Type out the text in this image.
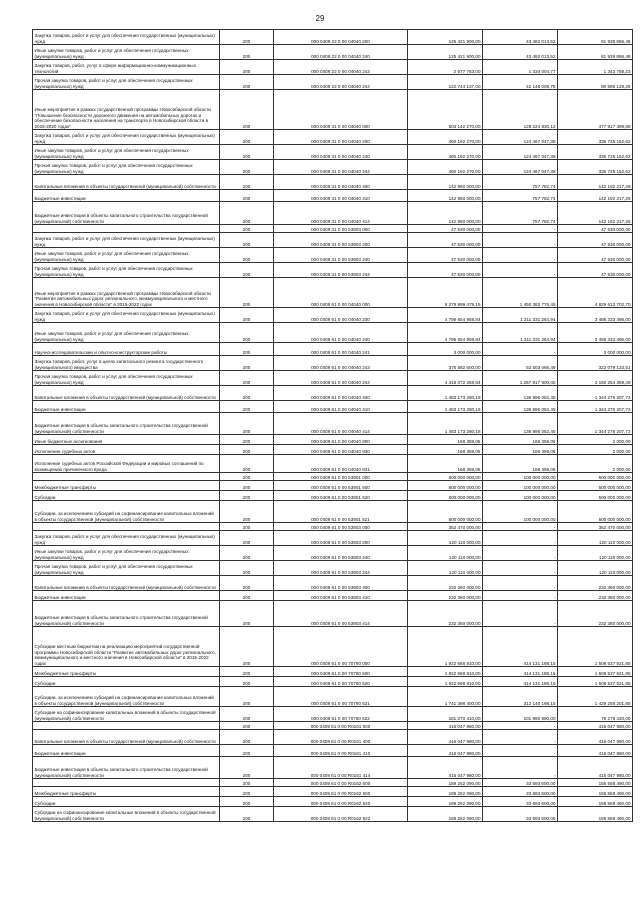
29
Закупка товаров, работ и услуг для обеспечения государственных (муниципальных) нужд	200	000 0409 22 0 00 04040 200	125 421 900,00	43 482 013,52	81 939 886,48
Иные закупки товаров, работ и услуг для обеспечения государственных (муниципальных) нужд	200	000 0409 22 0 00 04040 240	125 421 900,00	43 482 013,52	81 939 886,48
Закупка товаров, работ, услуг в сфере информационно-коммуникационных технологий	200	000 0409 22 0 00 04040 242	2 677 763,00	1 334 004,77	1 343 758,23
Прочая закупка товаров, работ и услуг для обеспечения государственных (муниципальных) нужд	200	000 0409 22 0 00 04040 244	122 744 137,00	42 148 008,75	80 596 128,25
Иные мероприятия в рамках государственной программы Новосибирской области "Повышение безопасности дорожного движения на автомобильных дорогах и обеспечение безопасности населения на транспорте в Новосибирской области в 2015-2020 годах"	200	000 0409 31 0 00 04040 000	503 142 270,00	125 224 830,12	477 917 399,88
Закупка товаров, работ и услуг для обеспечения государственных (муниципальных) нужд	200	000 0409 31 0 00 04040 200	460 192 270,00	124 467 047,38	335 725 152,62
Иные закупки товаров, работ и услуг для обеспечения государственных (муниципальных) нужд	200	000 0409 31 0 00 04040 240	460 192 270,00	124 467 047,38	335 725 152,62
Прочая закупка товаров, работ и услуг для обеспечения государственных (муниципальных) нужд	200	000 0409 31 0 00 04040 244	460 192 270,00	124 467 047,38	335 725 152,62
Капитальные вложения в объекты государственной (муниципальной) собственности	200	000 0409 31 0 00 04040 400	142 950 000,00	757 782,74	142 192 217,26
Бюджетные инвестиции	200	000 0409 31 0 00 04040 410	142 950 000,00	757 782,74	142 192 217,26
Бюджетные инвестиции в объекты капитального строительства государственной (муниципальной) собственности	200	000 0409 31 0 00 04040 414	142 950 000,00	757 782,74	142 192 217,26
	200	000 0409 31 0 00 53903 000	47 530 000,00	-	47 530 000,00
Закупка товаров, работ и услуг для обеспечения государственных (муниципальных) нужд	200	000 0409 31 0 00 53903 200	47 530 000,00	-	47 530 000,00
Иные закупки товаров, работ и услуг для обеспечения государственных (муниципальных) нужд	200	000 0409 31 0 00 53903 240	47 530 000,00	-	47 530 000,00
Прочая закупка товаров, работ и услуг для обеспечения государственных (муниципальных) нужд	200	000 0409 31 0 00 53903 244	47 530 000,00	-	47 530 000,00
Иные мероприятия в рамках государственной программы Новосибирской области "Развитие автомобильных дорог регионального, межмуниципального и местного значения в Новосибирской области" в 2015-2022 годах	200	000 0409 61 0 00 04040 000	6 279 999 479,15	1 450 382 776,45	4 829 613 702,70
Закупка товаров, работ и услуг для обеспечения государственных (муниципальных) нужд	200	000 0409 61 0 00 04040 200	4 796 654 959,84	1 311 331 264,94	3 485 333 495,00
Иные закупки товаров, работ и услуг для обеспечения государственных (муниципальных) нужд	200	000 0409 61 0 00 04040 240	4 796 654 959,84	1 311 331 264,94	3 485 333 495,00
Научно-исследовательские и опытно-конструкторские работы	200	000 0409 61 0 00 04040 241	3 000 000,00	-	3 000 000,00
Закупка товаров, работ, услуг в целях капитального ремонта государственного (муниципального) имущества	200	000 0409 61 0 00 04040 243	375 582 600,00	53 503 466,49	322 079 133,51
Прочая закупка товаров, работ и услуг для обеспечения государственных (муниципальных) нужд	200	000 0409 61 0 00 04040 244	4 418 072 259,84	1 257 817 900,45	3 160 254 359,49
Капитальные вложения в объекты государственной (муниципальной) собственности	200	000 0409 61 0 00 04040 400	1 483 173 280,18	138 896 052,45	1 344 276 207,73
Бюджетные инвестиции	200	000 0409 61 0 00 04040 410	1 483 173 280,18	138 896 052,45	1 344 276 207,73
Бюджетные инвестиции в объекты капитального строительства государственной (муниципальной) собственности	200	000 0409 61 0 00 04040 414	1 483 173 280,18	138 896 052,45	1 344 276 207,73
Иные бюджетные ассигнования	200	000 0409 61 0 00 04040 800	168 359,06	166 359,06	2 000,00
Исполнение судебных актов	200	000 0409 61 0 00 04040 830	168 359,06	166 359,06	2 000,00
Исполнение судебных актов Российской Федерации и мировых соглашений по возмещению причиненного вреда	200	000 0409 61 0 00 04040 831	168 359,06	166 359,06	2 000,00
	200	000 0409 61 0 00 53901 000	600 000 000,00	100 000 000,00	500 000 000,00
Межбюджетные трансферты	200	000 0409 61 0 00 53901 500	600 000 000,00	100 000 000,00	500 000 000,00
Субсидии	200	000 0409 61 0 00 53901 520	600 000 000,00	100 000 000,00	500 000 000,00
Субсидии, за исключением субсидий на софинансирование капитальных вложений в объекты государственной (муниципальной) собственности	200	000 0409 61 0 00 53901 521	600 000 000,00	100 000 000,00	500 000 000,00
	200	000 0409 61 0 00 53903 000	352 470 000,00	-	352 470 000,00
Закупка товаров, работ и услуг для обеспечения государственных (муниципальных) нужд	200	000 0409 61 0 00 53903 200	120 110 000,00	-	120 110 000,00
Иные закупки товаров, работ и услуг для обеспечения государственных (муниципальных) нужд	200	000 0409 61 0 00 53903 240	120 110 000,00	-	120 110 000,00
Прочая закупка товаров, работ и услуг для обеспечения государственных (муниципальных) нужд	200	000 0409 61 0 00 53903 244	120 110 000,00	-	120 110 000,00
Капитальные вложения в объекты государственной (муниципальной) собственности	200	000 0409 61 0 00 53903 400	232 360 000,00	-	232 360 000,00
Бюджетные инвестиции	200	000 0409 61 0 00 53903 410	232 360 000,00	-	232 360 000,00
Бюджетные инвестиции в объекты капитального строительства государственной (муниципальной) собственности	200	000 0409 61 0 00 53903 414	232 360 000,00	-	232 360 000,00
Субсидии местным бюджетам на реализацию мероприятий государственной программы Новосибирской области "Развитие автомобильных дорог регионального, межмуниципального и местного значения в Новосибирской области" в 2015-2022 годах	200	000 0409 61 0 00 70760 000	1 922 668 810,00	414 131 188,15	1 508 537 621,85
Межбюджетные трансферты	200	000 0409 61 0 00 70760 500	1 922 668 810,00	414 131 188,15	1 508 537 621,85
Субсидии	200	000 0409 61 0 00 70760 520	1 922 668 810,00	414 131 188,15	1 508 537 621,85
Субсидии, за исключением субсидий на софинансирование капитальных вложений в объекты государственной (муниципальной) собственности	200	000 0409 61 0 00 70760 521	1 741 398 400,00	312 140 198,15	1 429 258 201,85
Субсидии на софинансирование капитальных вложений в объекты государственной (муниципальной) собственности	200	000 0409 61 0 00 70760 522	181 270 410,00	101 990 990,00	79 279 420,00
	200	000 0409 61 0 00 R0161 000	416 047 980,00	-	416 047 980,00
Капитальные вложения в объекты государственной (муниципальной) собственности	200	000 0409 61 0 00 R0161 400	416 047 980,00	-	416 047 980,00
Бюджетные инвестиции	200	000 0409 61 0 00 R0161 410	416 047 980,00	-	416 047 980,00
Бюджетные инвестиции в объекты капитального строительства государственной (муниципальной) собственности	200	000 0409 61 0 00 R0161 414	416 047 980,00	-	416 047 980,00
	200	000 0409 61 0 00 R0162 000	189 252 090,00	33 693 600,00	155 558 490,00
Межбюджетные трансферты	200	000 0409 61 0 00 R0162 500	189 252 090,00	33 693 600,00	155 558 490,00
Субсидии	200	000 0409 61 0 00 R0162 520	189 252 090,00	33 693 600,00	155 558 490,00
Субсидии на софинансирование капитальных вложений в объекты государственной (муниципальной) собственности	200	000 0409 61 0 00 R0162 522	189 252 090,00	33 693 600,00	155 558 490,00
